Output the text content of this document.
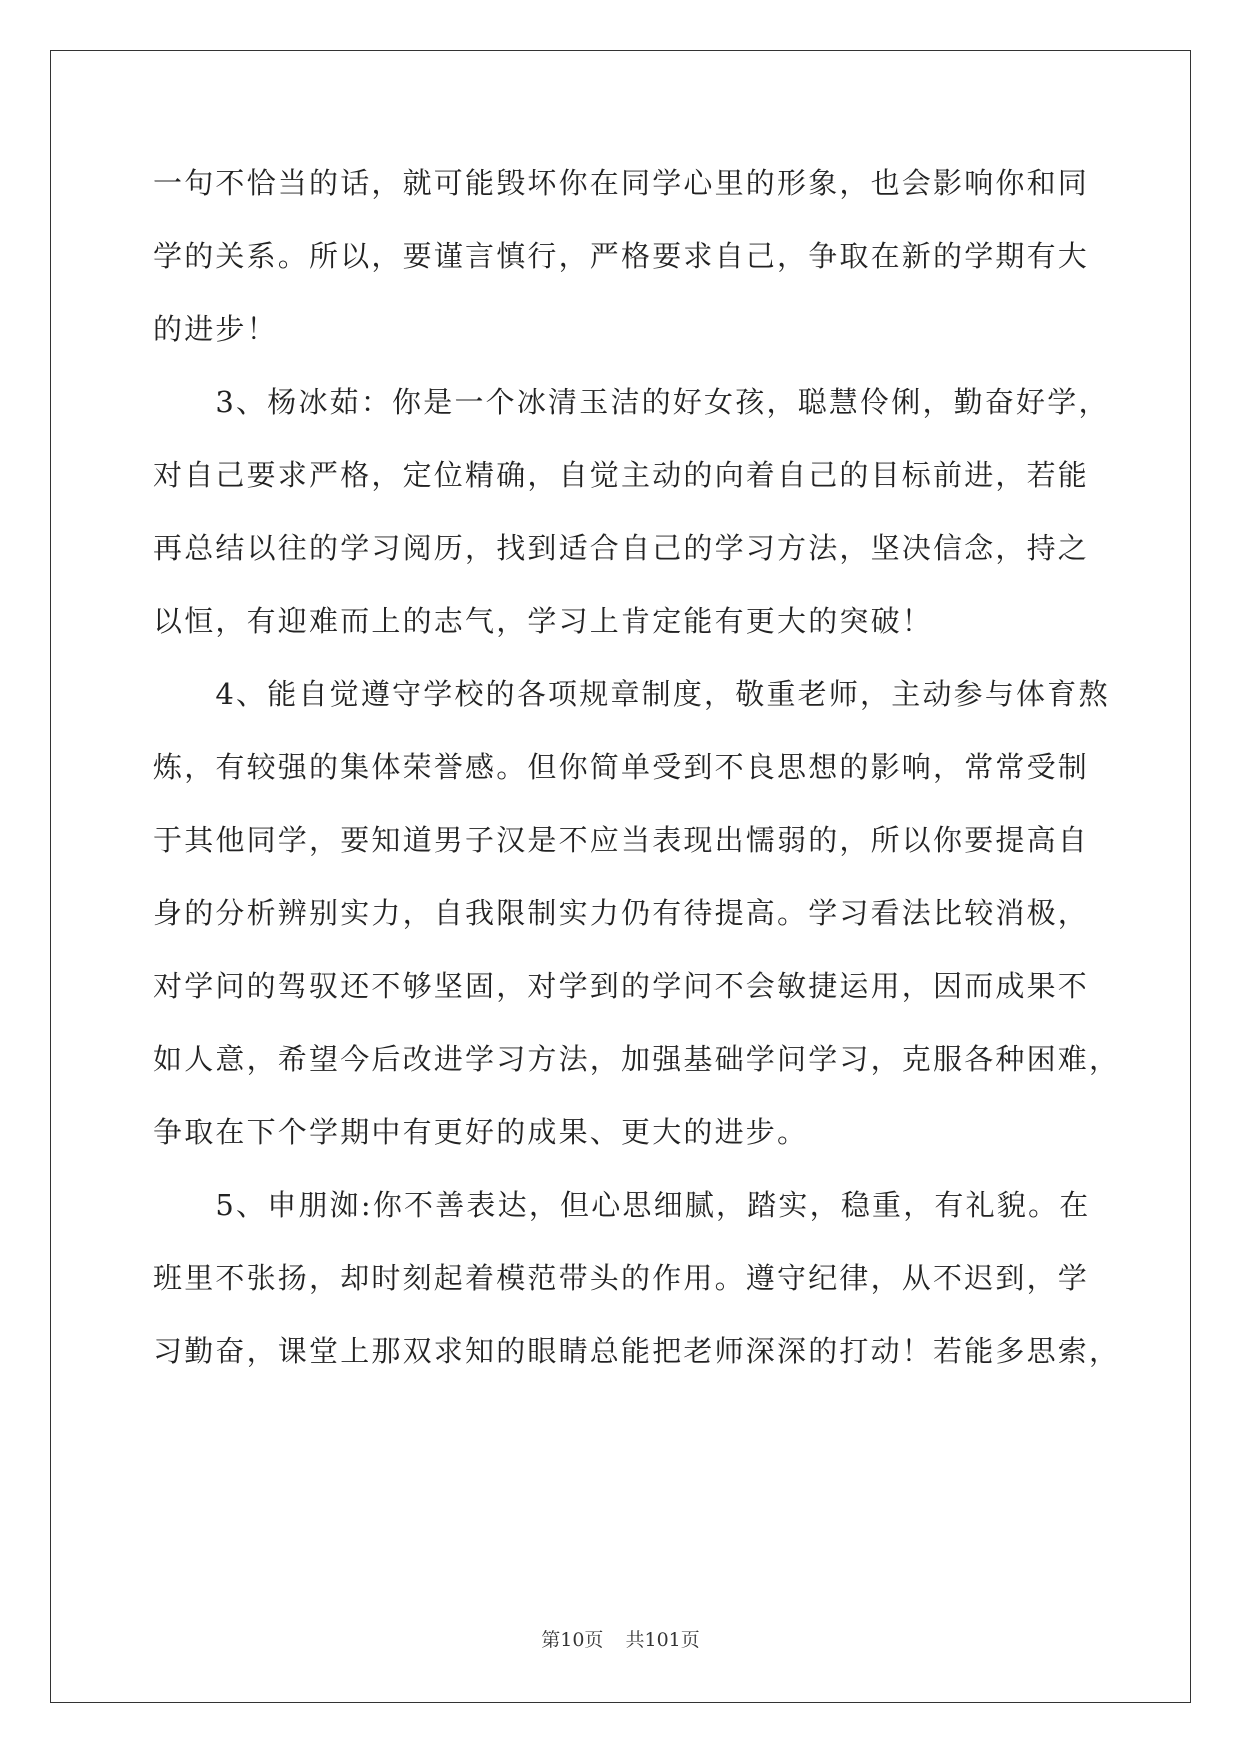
一句不恰当的话，就可能毁坏你在同学心里的形象，也会影响你和同
学的关系。所以，要谨言慎行，严格要求自己，争取在新的学期有大
的进步！
　　3、杨冰茹：你是一个冰清玉洁的好女孩，聪慧伶俐，勤奋好学，
对自己要求严格，定位精确，自觉主动的向着自己的目标前进，若能
再总结以往的学习阅历，找到适合自己的学习方法，坚决信念，持之
以恒，有迎难而上的志气，学习上肯定能有更大的突破！
　　4、能自觉遵守学校的各项规章制度，敬重老师，主动参与体育熬
炼，有较强的集体荣誉感。但你简单受到不良思想的影响，常常受制
于其他同学，要知道男子汉是不应当表现出懦弱的，所以你要提高自
身的分析辨别实力，自我限制实力仍有待提高。学习看法比较消极，
对学问的驾驭还不够坚固，对学到的学问不会敏捷运用，因而成果不
如人意，希望今后改进学习方法，加强基础学问学习，克服各种困难，
争取在下个学期中有更好的成果、更大的进步。
　　5、申朋洳:你不善表达，但心思细腻，踏实，稳重，有礼貌。在
班里不张扬，却时刻起着模范带头的作用。遵守纪律，从不迟到，学
习勤奋，课堂上那双求知的眼睛总能把老师深深的打动！若能多思索，
第10页 共101页
